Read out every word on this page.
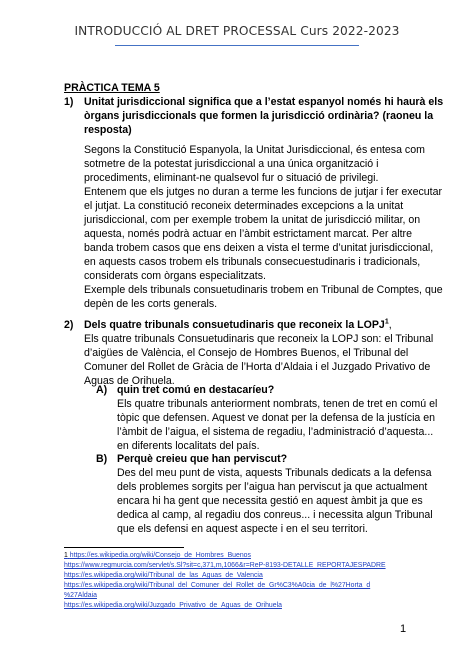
INTRODUCCIÓ AL DRET PROCESSAL Curs 2022-2023
PRÀCTICA TEMA 5
1) Unitat jurisdiccional significa que a l’estat espanyol només hi haurà els
òrgans jurisdiccionals que formen la jurisdicció ordinària? (raoneu la
resposta)
Segons la Constitució Espanyola, la Unitat Jurisdiccional, és entesa com
sotmetre de la potestat jurisdiccional a una única organització i
procediments, eliminant-ne qualsevol fur o situació de privilegi.
Entenem que els jutges no duran a terme les funcions de jutjar i fer executar
el jutjat. La constitució reconeix determinades excepcions a la unitat
jurisdiccional, com per exemple trobem la unitat de jurisdicció militar, on
aquesta, només podrà actuar en l’àmbit estrictament marcat. Per altre
banda trobem casos que ens deixen a vista el terme d’unitat jurisdiccional,
en aquests casos trobem els tribunals consecuestudinaris i tradicionals,
considerats com òrgans especialitzats.
Exemple dels tribunals consuetudinaris trobem en Tribunal de Comptes, que
depèn de les corts generals.
2) Dels quatre tribunals consuetudinaris que reconeix la LOPJ$^1$,
Els quatre tribunals Consuetudinaris que reconeix la LOPJ son: el Tribunal
d’aigües de València, el Consejo de Hombres Buenos, el Tribunal del
Comuner del Rollet de Gràcia de l’Horta d’Aldaia i el Juzgado Privativo de
Aguas de Orihuela.
A) quin tret comú en destacaríeu?
Els quatre tribunals anteriorment nombrats, tenen de tret en comú el
tòpic que defensen. Aquest ve donat per la defensa de la justícia en
l’àmbit de l’aigua, el sistema de regadiu, l’administració d’aquesta...
en diferents localitats del país.
B) Perquè creieu que han perviscut?
Des del meu punt de vista, aquests Tribunals dedicats a la defensa
dels problemes sorgits per l’aigua han perviscut ja que actualment
encara hi ha gent que necessita gestió en aquest àmbit ja que es
dedica al camp, al regadiu dos conreus... i necessita algun Tribunal
que els defensi en aquest aspecte i en el seu territori.
1 https://es.wikipedia.org/wiki/Consejo_de_Hombres_Buenos
https://www.regmurcia.com/servlet/s.Sl?sit=c,371,m,1066&r=ReP-8193-DETALLE_REPORTAJESPADRE
https://es.wikipedia.org/wiki/Tribunal_de_las_Aguas_de_Valencia
https://es.wikipedia.org/wiki/Tribunal_del_Comuner_del_Rollet_de_Gr%C3%A0cia_de_l%27Horta_d
%27Aldaia
https://es.wikipedia.org/wiki/Juzgado_Privativo_de_Aguas_de_Orihuela
1
